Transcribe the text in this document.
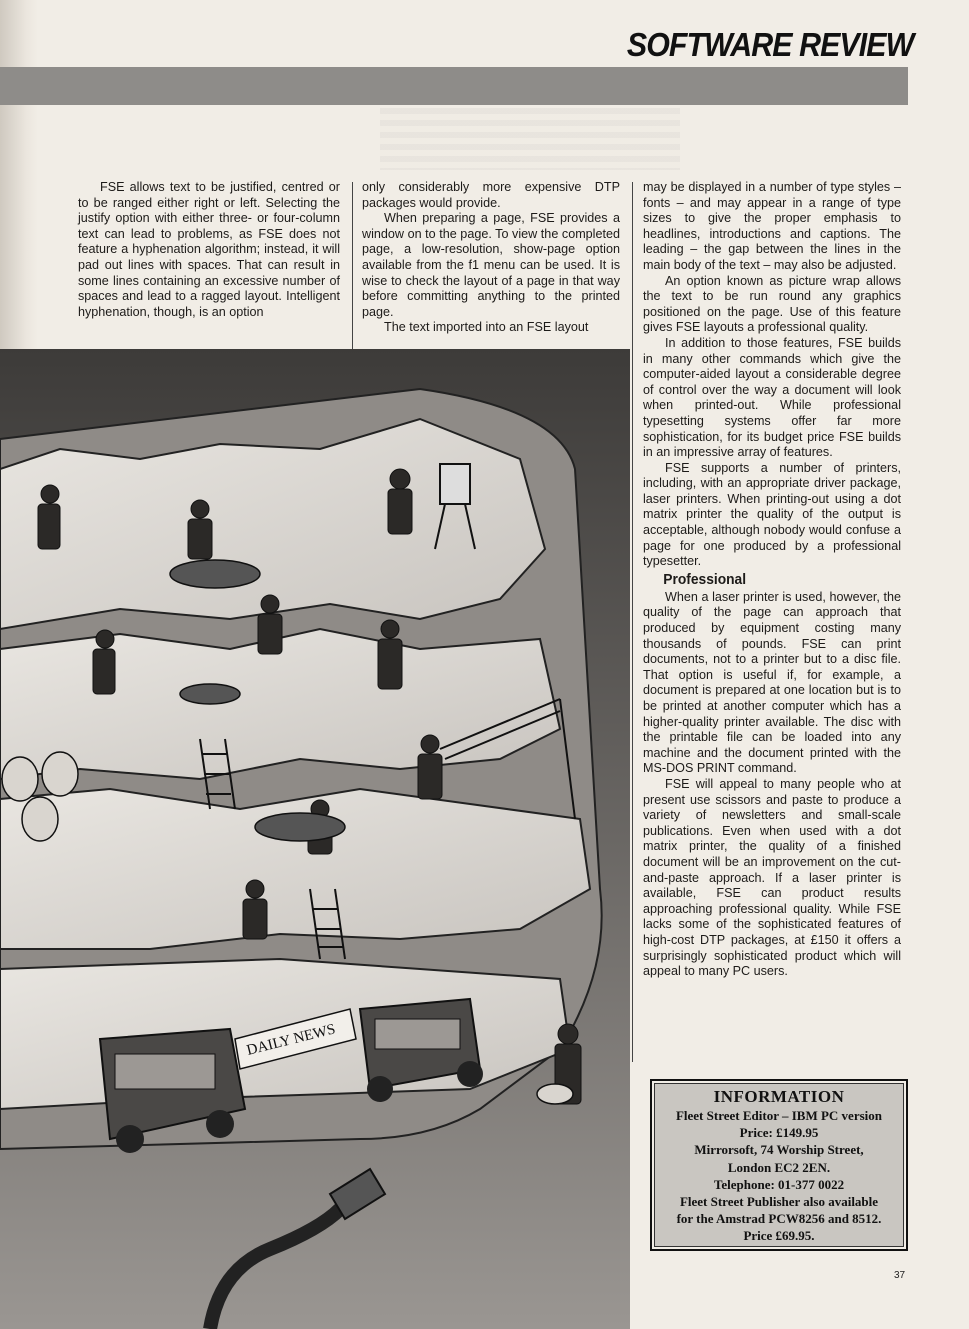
SOFTWARE REVIEW

FSE allows text to be justified, centred or to be ranged either right or left. Selecting the justify option with either three- or four-column text can lead to problems, as FSE does not feature a hyphenation algorithm; instead, it will pad out lines with spaces. That can result in some lines containing an excessive number of spaces and lead to a ragged layout. Intelligent hyphenation, though, is an option

only considerably more expensive DTP packages would provide.

When preparing a page, FSE provides a window on to the page. To view the completed page, a low-resolution, show-page option available from the f1 menu can be used. It is wise to check the layout of a page in that way before committing anything to the printed page.

The text imported into an FSE layout

may be displayed in a number of type styles – fonts – and may appear in a range of type sizes to give the proper emphasis to headlines, introductions and captions. The leading – the gap between the lines in the main body of the text – may also be adjusted.

An option known as picture wrap allows the text to be run round any graphics positioned on the page. Use of this feature gives FSE layouts a professional quality.

In addition to those features, FSE builds in many other commands which give the computer-aided layout a considerable degree of control over the way a document will look when printed-out. While professional typesetting systems offer far more sophistication, for its budget price FSE builds in an impressive array of features.

FSE supports a number of printers, including, with an appropriate driver package, laser printers. When printing-out using a dot matrix printer the quality of the output is acceptable, although nobody would confuse a page for one produced by a professional typesetter.

Professional

When a laser printer is used, however, the quality of the page can approach that produced by equipment costing many thousands of pounds. FSE can print documents, not to a printer but to a disc file. That option is useful if, for example, a document is prepared at one location but is to be printed at another computer which has a higher-quality printer available. The disc with the printable file can be loaded into any machine and the document printed with the MS-DOS PRINT command.

FSE will appeal to many people who at present use scissors and paste to produce a variety of newsletters and small-scale publications. Even when used with a dot matrix printer, the quality of a finished document will be an improvement on the cut-and-paste approach. If a laser printer is available, FSE can product results approaching professional quality. While FSE lacks some of the sophisticated features of high-cost DTP packages, at £150 it offers a surprisingly sophisticated product which will appeal to many PC users.

DAILY NEWS
INFORMATION
Fleet Street Editor – IBM PC version
Price: £149.95
Mirrorsoft, 74 Worship Street,
London EC2 2EN.
Telephone: 01-377 0022
Fleet Street Publisher also available
for the Amstrad PCW8256 and 8512.
Price £69.95.
37
